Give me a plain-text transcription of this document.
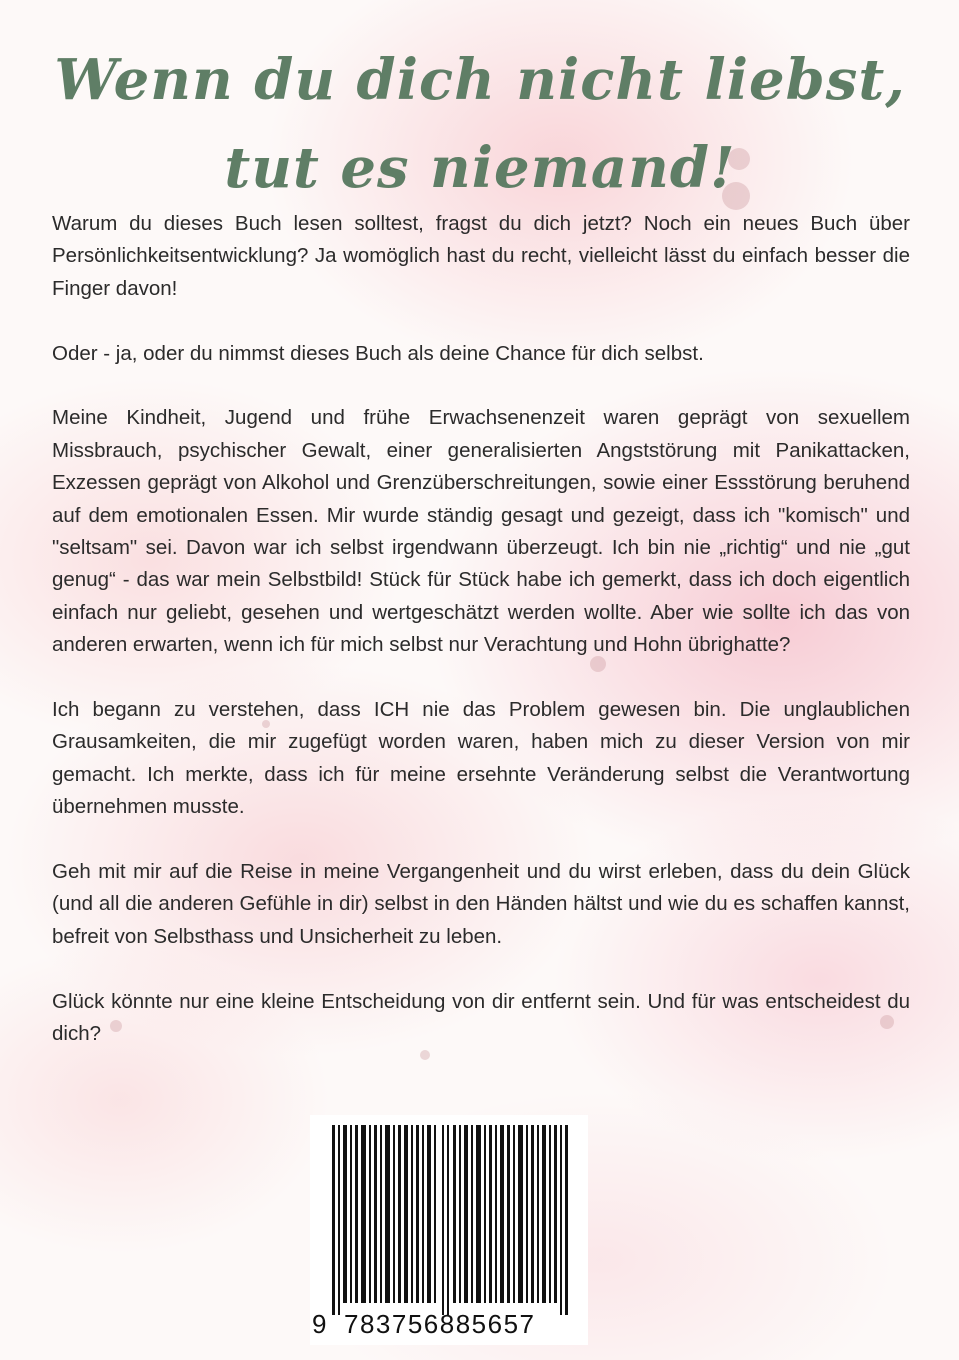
Wenn du dich nicht liebst, tut es niemand!

Warum du dieses Buch lesen solltest, fragst du dich jetzt? Noch ein neues Buch über Persönlichkeitsentwicklung? Ja womöglich hast du recht, vielleicht lässt du einfach besser die Finger davon!

Oder - ja, oder du nimmst dieses Buch als deine Chance für dich selbst.

Meine Kindheit, Jugend und frühe Erwachsenenzeit waren geprägt von sexuellem Missbrauch, psychischer Gewalt, einer generalisierten Angststörung mit Panikattacken, Exzessen geprägt von Alkohol und Grenzüberschreitungen, sowie einer Essstörung beruhend auf dem emotionalen Essen. Mir wurde ständig gesagt und gezeigt, dass ich "komisch" und "seltsam" sei. Davon war ich selbst irgendwann überzeugt. Ich bin nie „richtig“ und nie „gut genug“ - das war mein Selbstbild! Stück für Stück habe ich gemerkt, dass ich doch eigentlich einfach nur geliebt, gesehen und wertgeschätzt werden wollte. Aber wie sollte ich das von anderen erwarten, wenn ich für mich selbst nur Verachtung und Hohn übrighatte?

Ich begann zu verstehen, dass ICH nie das Problem gewesen bin. Die unglaublichen Grausamkeiten, die mir zugefügt worden waren, haben mich zu dieser Version von mir gemacht. Ich merkte, dass ich für meine ersehnte Veränderung selbst die Verantwortung übernehmen musste.

Geh mit mir auf die Reise in meine Vergangenheit und du wirst erleben, dass du dein Glück (und all die anderen Gefühle in dir) selbst in den Händen hältst und wie du es schaffen kannst, befreit von Selbsthass und Unsicherheit zu leben.

Glück könnte nur eine kleine Entscheidung von dir entfernt sein. Und für was entscheidest du dich?

9 783756885657
